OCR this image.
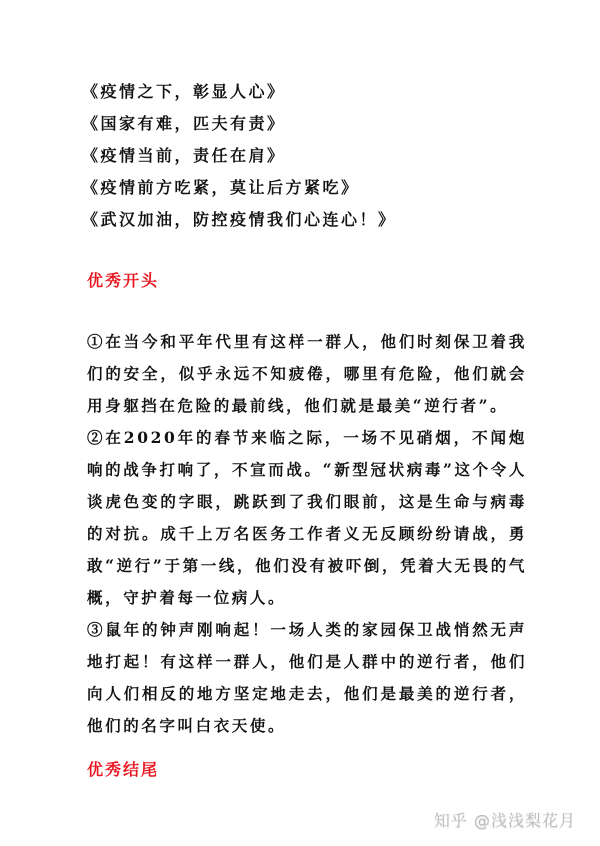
《疫情之下，彰显人心》
《国家有难，匹夫有责》
《疫情当前，责任在肩》
《疫情前方吃紧，莫让后方紧吃》
《武汉加油，防控疫情我们心连心！》
优秀开头

①在当今和平年代里有这样一群人，他们时刻保卫着我们的安全，似乎永远不知疲倦，哪里有危险，他们就会用身躯挡在危险的最前线，他们就是最美“逆行者”。

②在2020年的春节来临之际，一场不见硝烟，不闻炮响的战争打响了，不宣而战。“新型冠状病毒”这个令人谈虎色变的字眼，跳跃到了我们眼前，这是生命与病毒的对抗。成千上万名医务工作者义无反顾纷纷请战，勇敢“逆行”于第一线，他们没有被吓倒，凭着大无畏的气概，守护着每一位病人。

③鼠年的钟声刚响起！一场人类的家园保卫战悄然无声地打起！有这样一群人，他们是人群中的逆行者，他们向人们相反的地方坚定地走去，他们是最美的逆行者，他们的名字叫白衣天使。

优秀结尾
知乎 @浅浅梨花月
